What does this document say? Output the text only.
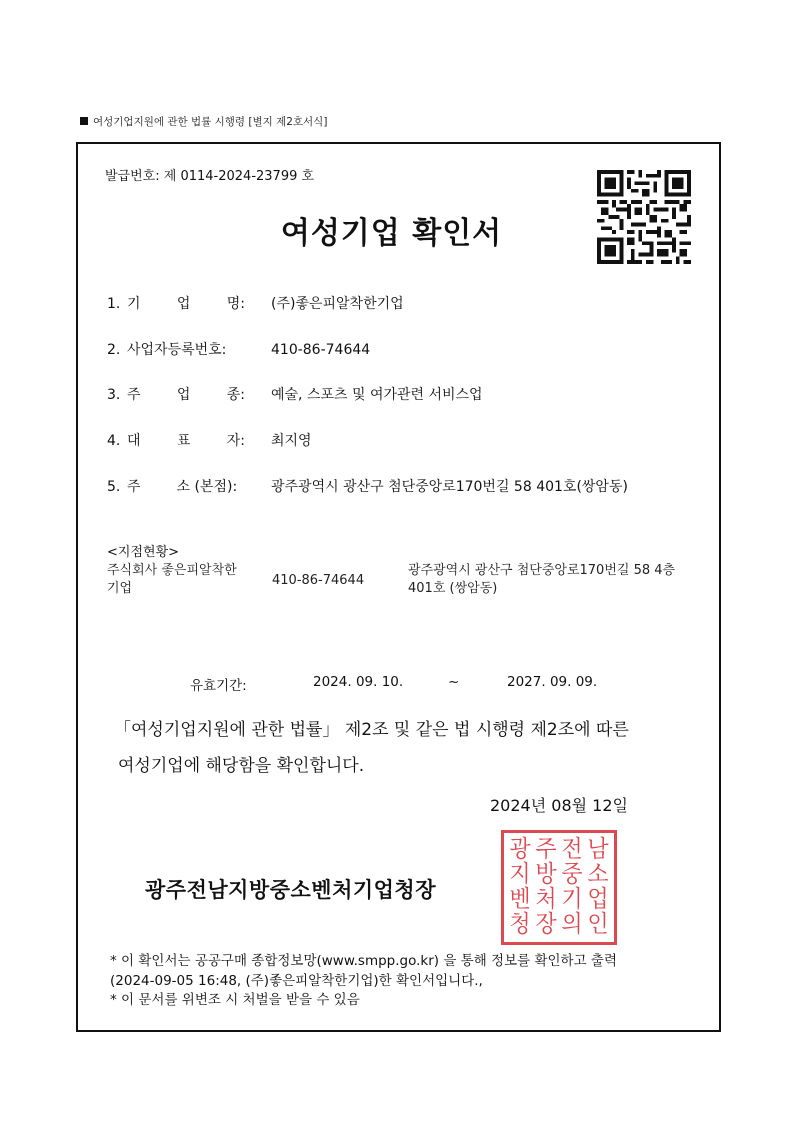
여성기업지원에 관한 법률 시행령 [별지 제2호서식]
발급번호: 제 0114-2024-23799 호
여성기업 확인서
1. 기	업	명: (주)좋은피알착한기업
2. 사업자등록번호:	410-86-74644
3. 주	업	종: 예술, 스포츠 및 여가관련 서비스업
4. 대	표	자: 최지영
5. 주	소 (본점): 광주광역시 광산구 첨단중앙로170번길 58 401호(쌍암동)
<지점현황>
주식회사 좋은피알착한
기업
410-86-74644
광주광역시 광산구 첨단중앙로170번길 58 4층
401호 (쌍암동)
유효기간:	2024. 09. 10.	~	2027. 09. 09.
「여성기업지원에 관한 법률」 제2조 및 같은 법 시행령 제2조에 따른
여성기업에 해당함을 확인합니다.
2024년 08월 12일
광 주 전 남
지 방 중 소
벤 처 기 업
청 장 의 인
광주전남지방중소벤처기업청장
* 이 확인서는 공공구매 종합정보망(www.smpp.go.kr) 을 통해 정보를 확인하고 출력
(2024-09-05 16:48, (주)좋은피알착한기업)한 확인서입니다.,
* 이 문서를 위변조 시 처벌을 받을 수 있음
